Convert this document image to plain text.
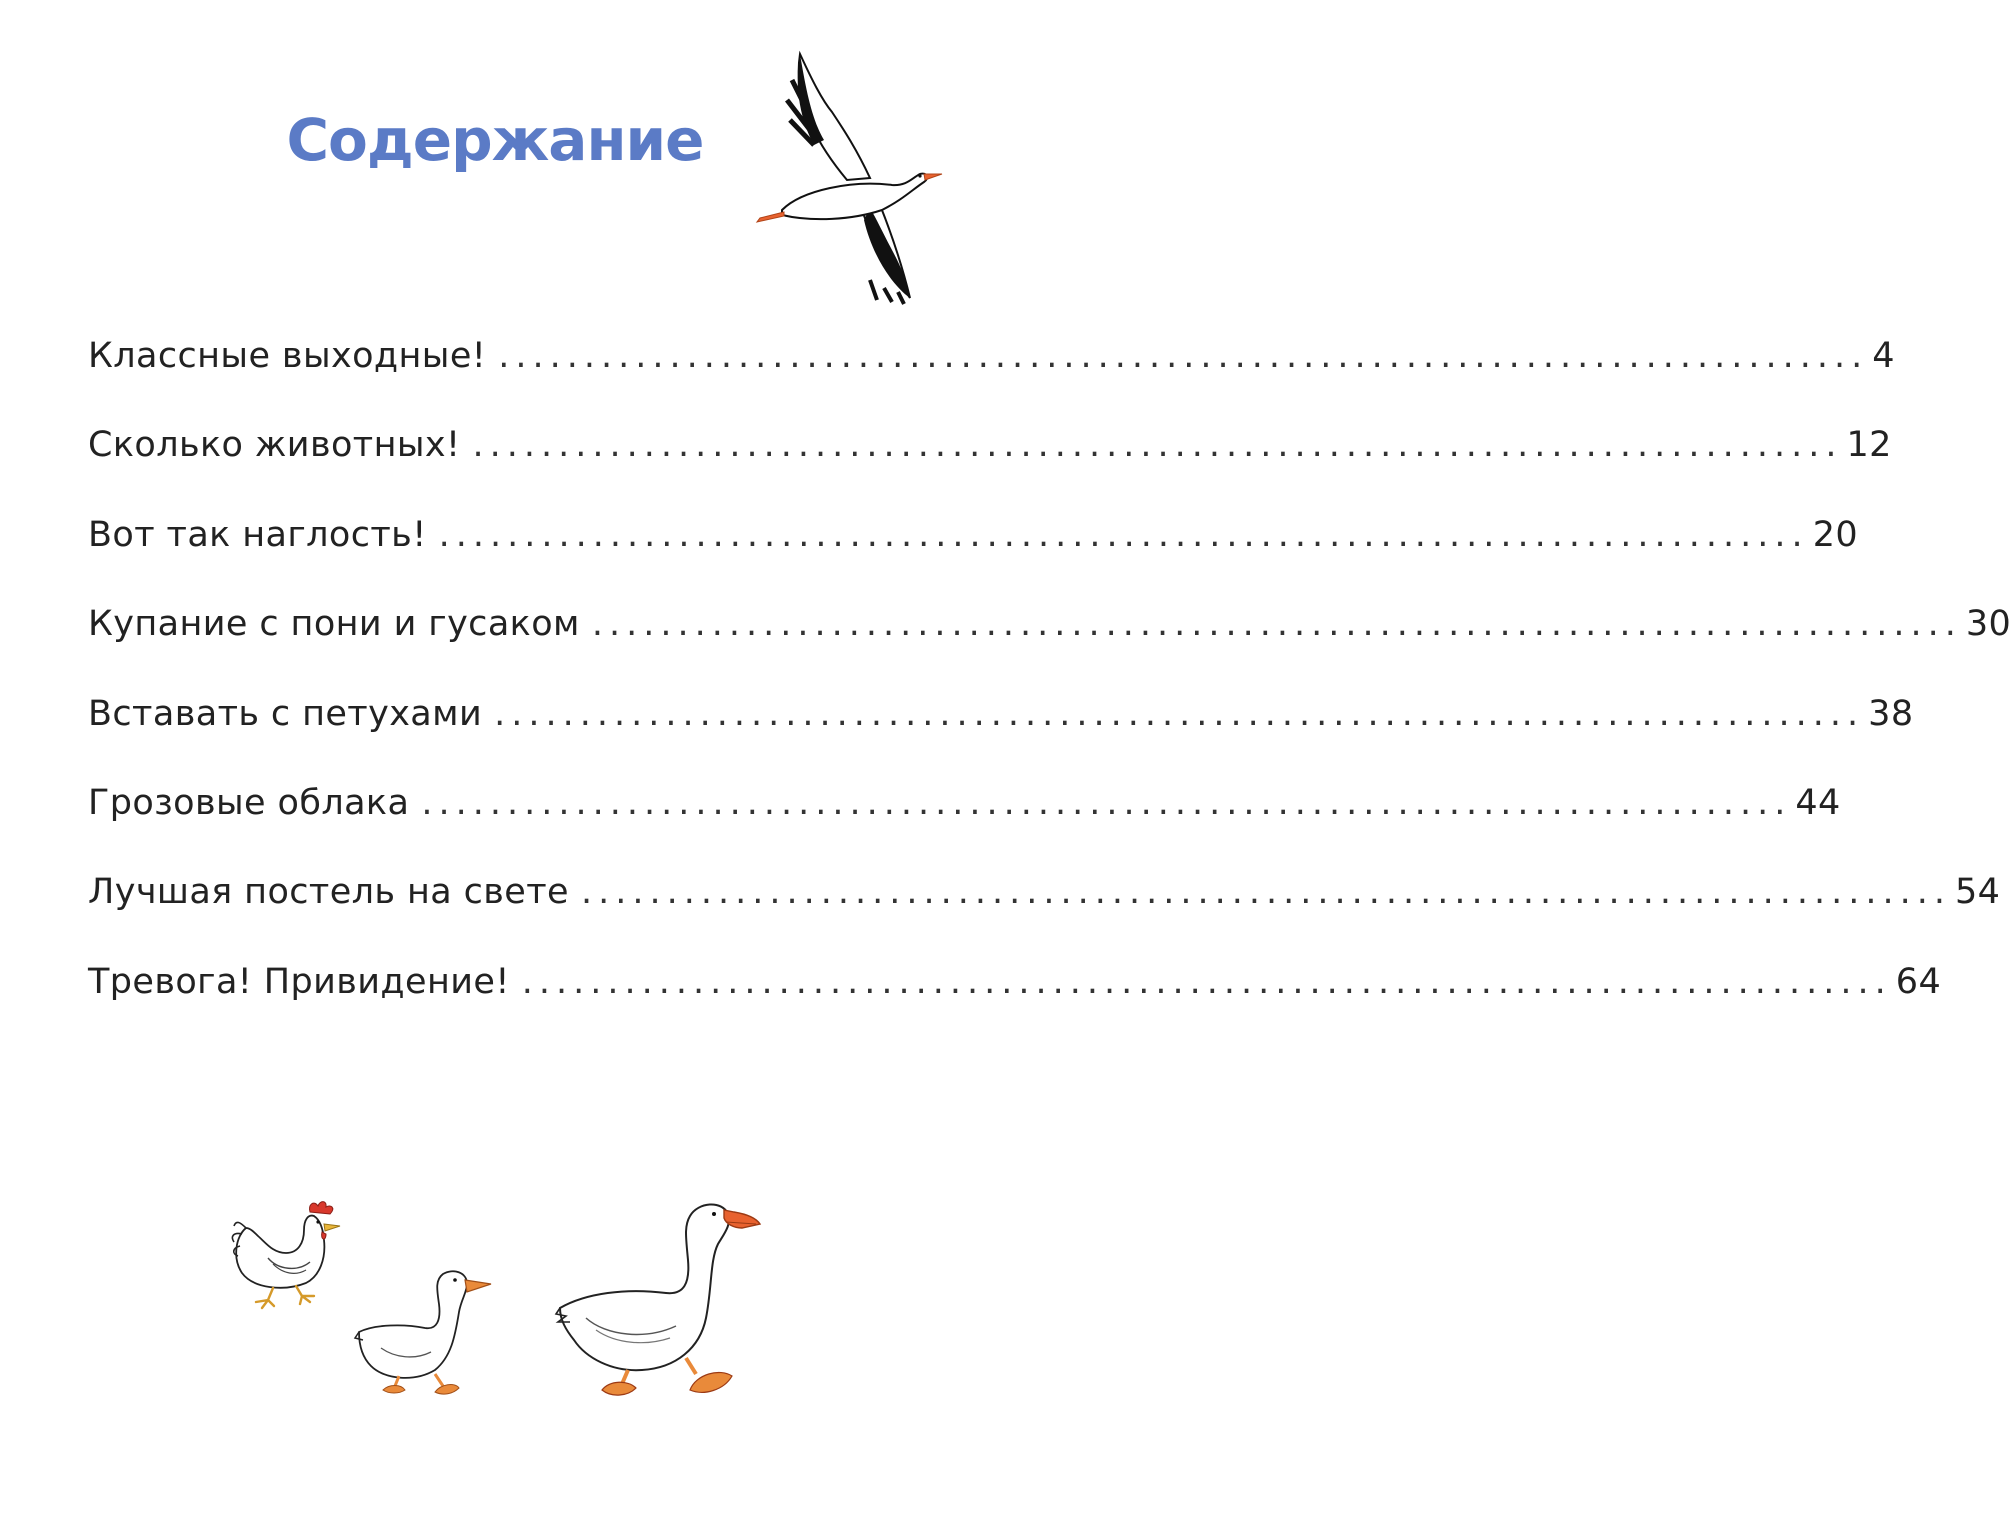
Содержание
Классные выходные! ................................................................................ 4
Сколько животных! ................................................................................ 12
Вот так наглость! ................................................................................ 20
Купание с пони и гусаком ................................................................................ 30
Вставать с петухами ................................................................................ 38
Грозовые облака ................................................................................ 44
Лучшая постель на свете ................................................................................ 54
Тревога! Привидение! ................................................................................ 64
